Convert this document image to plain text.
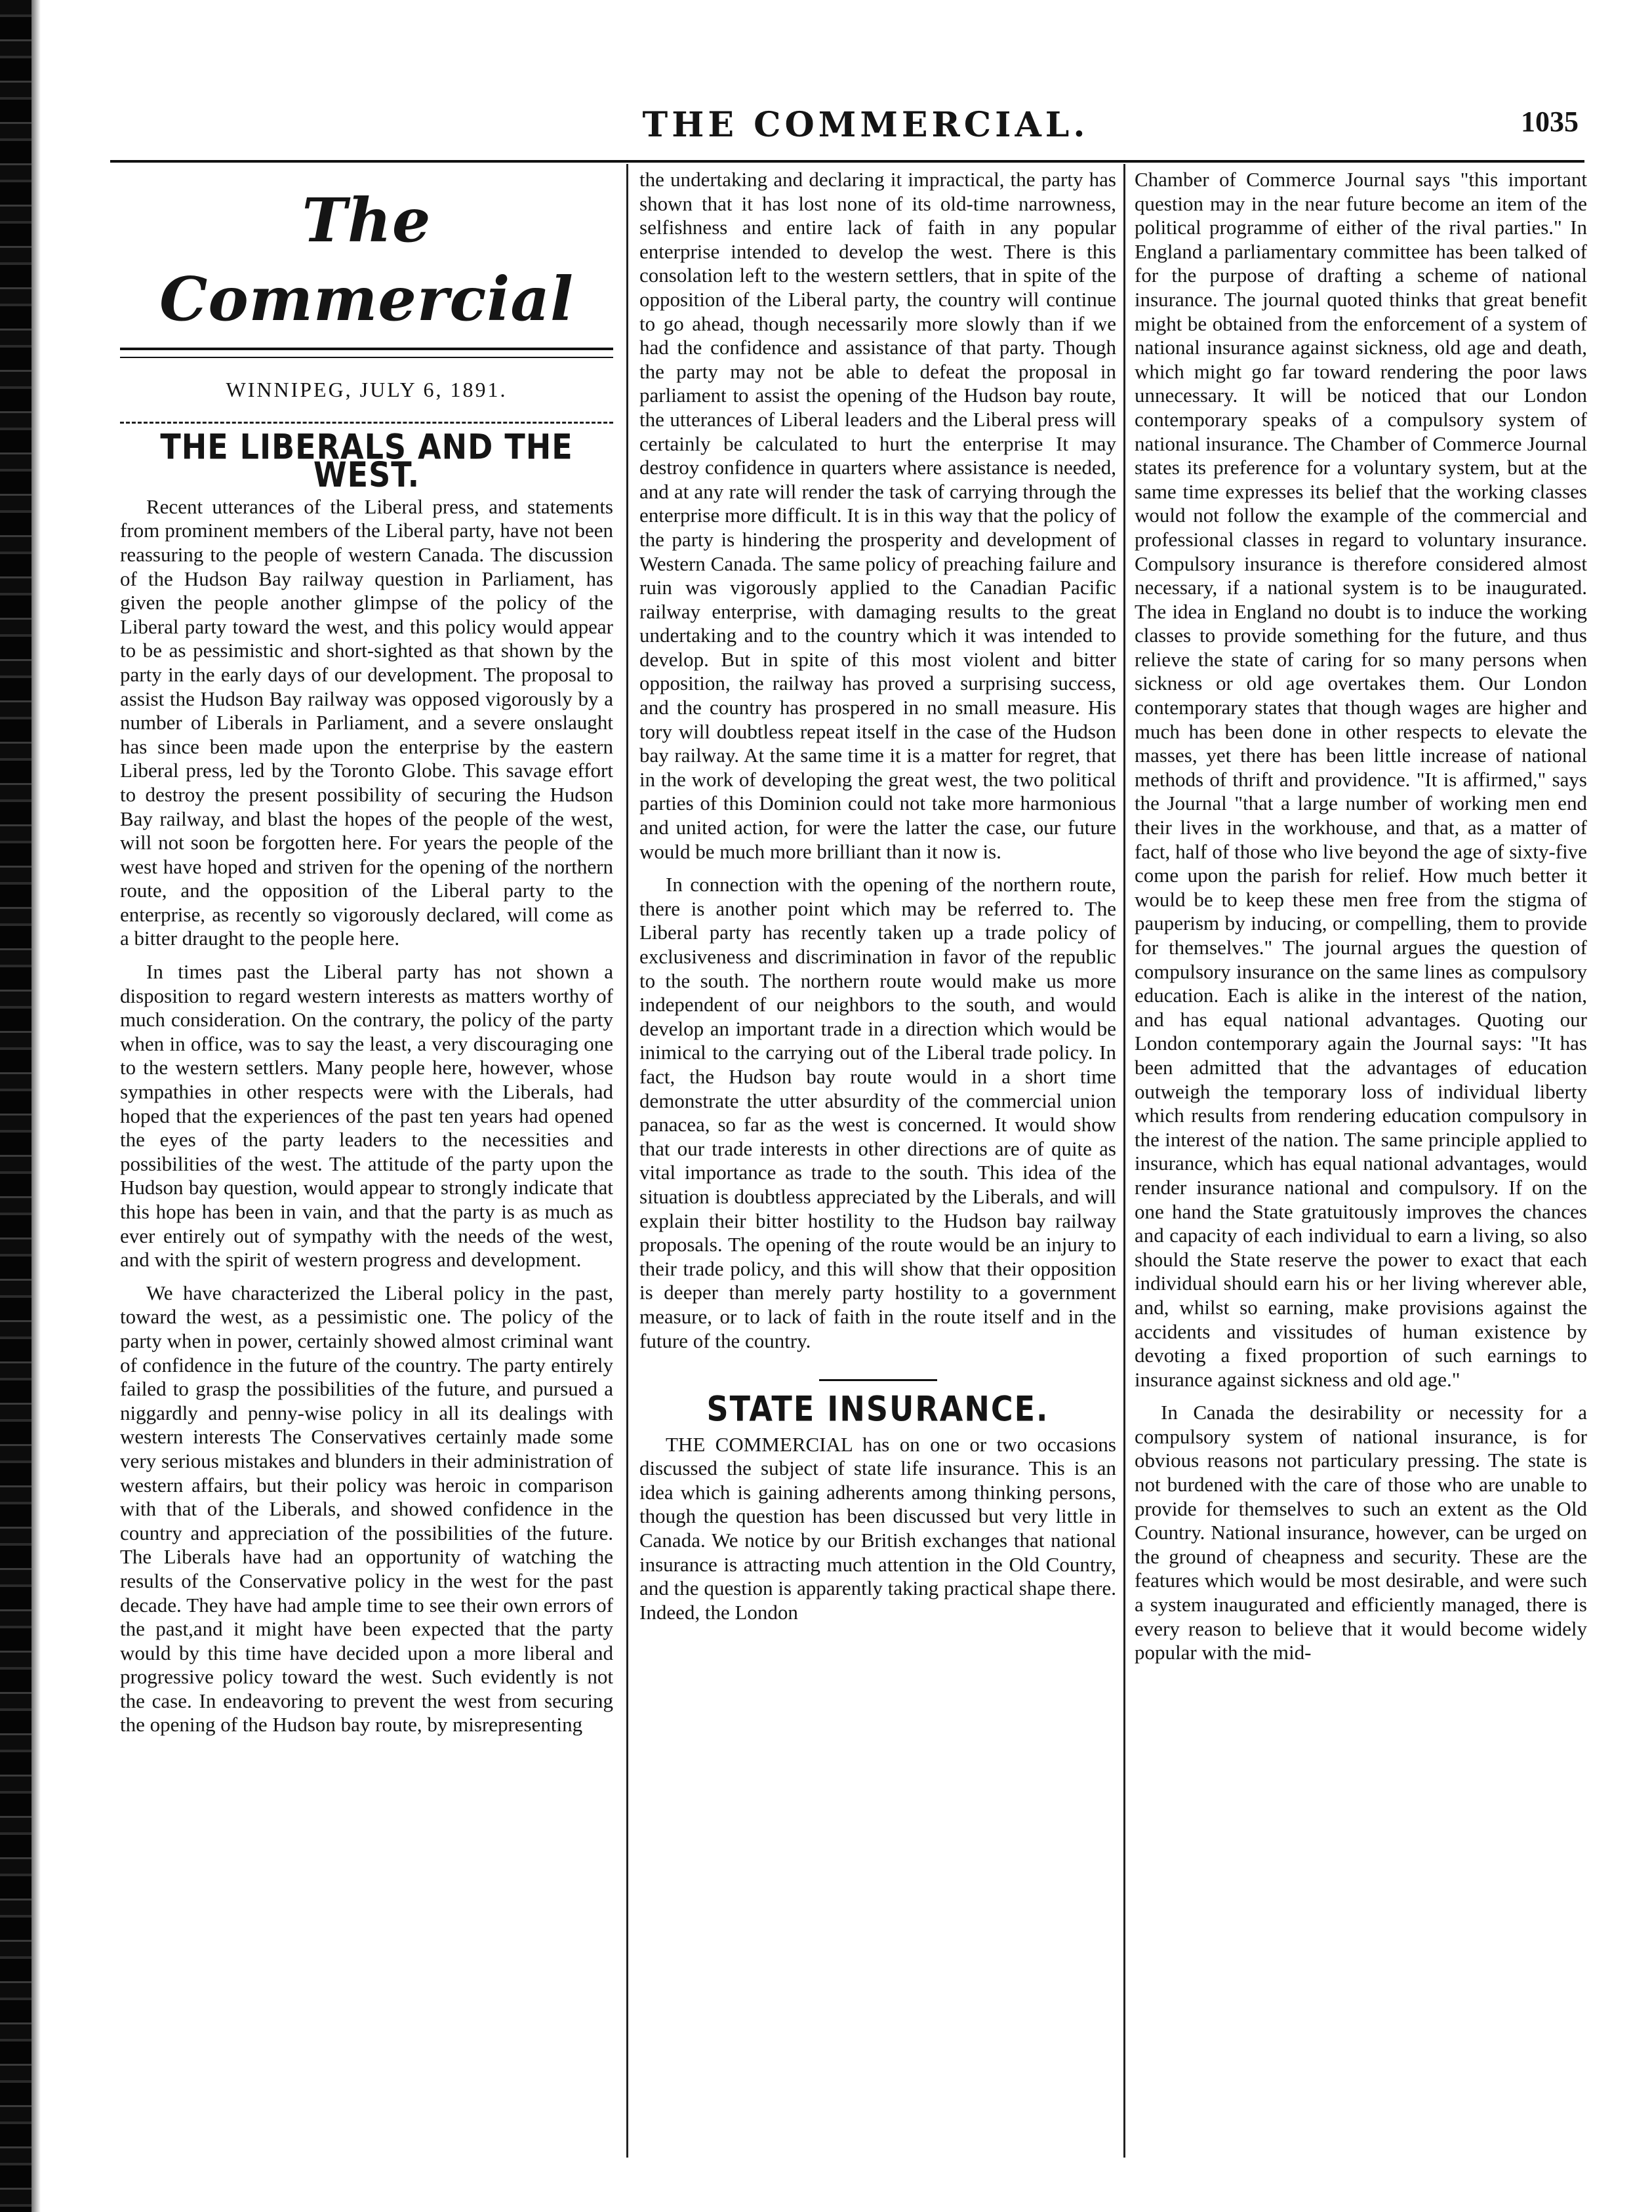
THE COMMERCIAL.	1035
The Commercial
WINNIPEG, JULY 6, 1891.
THE LIBERALS AND THE WEST.

Recent utterances of the Liberal press, and statements from prominent members of the Liberal party, have not been reassuring to the people of western Canada. The discussion of the Hudson Bay railway question in Parliament, has given the people another glimpse of the policy of the Liberal party toward the west, and this policy would appear to be as pessimistic and short-sighted as that shown by the party in the early days of our development. The proposal to assist the Hudson Bay railway was opposed vigorously by a number of Liberals in Parliament, and a severe onslaught has since been made upon the enterprise by the eastern Liberal press, led by the Toronto Globe. This savage effort to destroy the present possibility of securing the Hudson Bay railway, and blast the hopes of the people of the west, will not soon be forgotten here. For years the people of the west have hoped and striven for the opening of the northern route, and the opposition of the Liberal party to the enterprise, as recently so vigorously declared, will come as a bitter draught to the people here.

In times past the Liberal party has not shown a disposition to regard western interests as matters worthy of much consideration. On the contrary, the policy of the party when in office, was to say the least, a very discouraging one to the western settlers. Many people here, however, whose sympathies in other respects were with the Liberals, had hoped that the experiences of the past ten years had opened the eyes of the party leaders to the necessities and possibilities of the west. The attitude of the party upon the Hudson bay question, would appear to strongly indicate that this hope has been in vain, and that the party is as much as ever entirely out of sympathy with the needs of the west, and with the spirit of western progress and development.

We have characterized the Liberal policy in the past, toward the west, as a pessimistic one. The policy of the party when in power, certainly showed almost criminal want of confidence in the future of the country. The party entirely failed to grasp the possibilities of the future, and pursued a niggardly and penny-wise policy in all its dealings with western interests The Conservatives certainly made some very serious mistakes and blunders in their administration of western affairs, but their policy was heroic in comparison with that of the Liberals, and showed confidence in the country and appreciation of the possibilities of the future. The Liberals have had an opportunity of watching the results of the Conservative policy in the west for the past decade. They have had ample time to see their own errors of the past,and it might have been expected that the party would by this time have decided upon a more liberal and progressive policy toward the west. Such evidently is not the case. In endeavoring to prevent the west from securing the opening of the Hudson bay route, by misrepresenting

the undertaking and declaring it impractical, the party has shown that it has lost none of its old-time narrowness, selfishness and entire lack of faith in any popular enterprise intended to develop the west. There is this consolation left to the western settlers, that in spite of the opposition of the Liberal party, the country will continue to go ahead, though necessarily more slowly than if we had the confidence and assistance of that party. Though the party may not be able to defeat the proposal in parliament to assist the opening of the Hudson bay route, the utterances of Liberal leaders and the Liberal press will certainly be calculated to hurt the enterprise It may destroy confidence in quarters where assistance is needed, and at any rate will render the task of carrying through the enterprise more difficult. It is in this way that the policy of the party is hindering the prosperity and development of Western Canada. The same policy of preaching failure and ruin was vigorously applied to the Canadian Pacific railway enterprise, with damaging results to the great undertaking and to the country which it was intended to develop. But in spite of this most violent and bitter opposition, the railway has proved a surprising success, and the country has prospered in no small measure. His tory will doubtless repeat itself in the case of the Hudson bay railway. At the same time it is a matter for regret, that in the work of developing the great west, the two political parties of this Dominion could not take more harmonious and united action, for were the latter the case, our future would be much more brilliant than it now is.

In connection with the opening of the northern route, there is another point which may be referred to. The Liberal party has recently taken up a trade policy of exclusiveness and discrimination in favor of the republic to the south. The northern route would make us more independent of our neighbors to the south, and would develop an important trade in a direction which would be inimical to the carrying out of the Liberal trade policy. In fact, the Hudson bay route would in a short time demonstrate the utter absurdity of the commercial union panacea, so far as the west is concerned. It would show that our trade interests in other directions are of quite as vital importance as trade to the south. This idea of the situation is doubtless appreciated by the Liberals, and will explain their bitter hostility to the Hudson bay railway proposals. The opening of the route would be an injury to their trade policy, and this will show that their opposition is deeper than merely party hostility to a government measure, or to lack of faith in the route itself and in the future of the country.

STATE INSURANCE.

THE COMMERCIAL has on one or two occasions discussed the subject of state life insurance. This is an idea which is gaining adherents among thinking persons, though the question has been discussed but very little in Canada. We notice by our British exchanges that national insurance is attracting much attention in the Old Country, and the question is apparently taking practical shape there. Indeed, the London

Chamber of Commerce Journal says "this important question may in the near future become an item of the political programme of either of the rival parties." In England a parliamentary committee has been talked of for the purpose of drafting a scheme of national insurance. The journal quoted thinks that great benefit might be obtained from the enforcement of a system of national insurance against sickness, old age and death, which might go far toward rendering the poor laws unnecessary. It will be noticed that our London contemporary speaks of a compulsory system of national insurance. The Chamber of Commerce Journal states its preference for a voluntary system, but at the same time expresses its belief that the working classes would not follow the example of the commercial and professional classes in regard to voluntary insurance. Compulsory insurance is therefore considered almost necessary, if a national system is to be inaugurated. The idea in England no doubt is to induce the working classes to provide something for the future, and thus relieve the state of caring for so many persons when sickness or old age overtakes them. Our London contemporary states that though wages are higher and much has been done in other respects to elevate the masses, yet there has been little increase of national methods of thrift and providence. "It is affirmed," says the Journal "that a large number of working men end their lives in the workhouse, and that, as a matter of fact, half of those who live beyond the age of sixty-five come upon the parish for relief. How much better it would be to keep these men free from the stigma of pauperism by inducing, or compelling, them to provide for themselves." The journal argues the question of compulsory insurance on the same lines as compulsory education. Each is alike in the interest of the nation, and has equal national advantages. Quoting our London contemporary again the Journal says: "It has been admitted that the advantages of education outweigh the temporary loss of individual liberty which results from rendering education compulsory in the interest of the nation. The same principle applied to insurance, which has equal national advantages, would render insurance national and compulsory. If on the one hand the State gratuitously improves the chances and capacity of each individual to earn a living, so also should the State reserve the power to exact that each individual should earn his or her living wherever able, and, whilst so earning, make provisions against the accidents and vissitudes of human existence by devoting a fixed proportion of such earnings to insurance against sickness and old age."

In Canada the desirability or necessity for a compulsory system of national insurance, is for obvious reasons not particulary pressing. The state is not burdened with the care of those who are unable to provide for themselves to such an extent as the Old Country. National insurance, however, can be urged on the ground of cheapness and security. These are the features which would be most desirable, and were such a system inaugurated and efficiently managed, there is every reason to believe that it would become widely popular with the mid-
